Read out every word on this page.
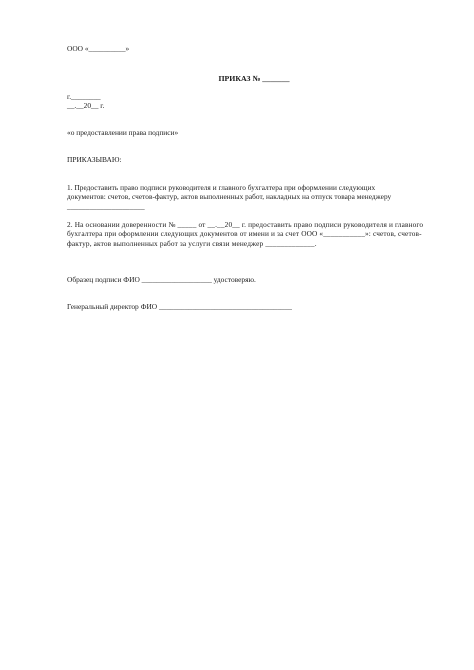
ООО «__________»
ПРИКАЗ № _______
г.________
__.__20__ г.
«о предоставлении права подписи»
ПРИКАЗЫВАЮ:
1. Предоставить право подписи руководителя и главного бухгалтера при оформлении следующих
документов: счетов, счетов-фактур, актов выполненных работ, накладных на отпуск товара менеджеру
_____________________
2. На основании доверенности № _____ от __.__20__ г. предоставить право подписи руководителя и главного
бухгалтера при оформлении следующих документов от имени и за счет ООО «___________»: счетов, счетов-
фактур, актов выполненных работ за услуги связи менеджер _____________.
Образец подписи ФИО ___________________ удостоверяю.
Генеральный директор ФИО ____________________________________
